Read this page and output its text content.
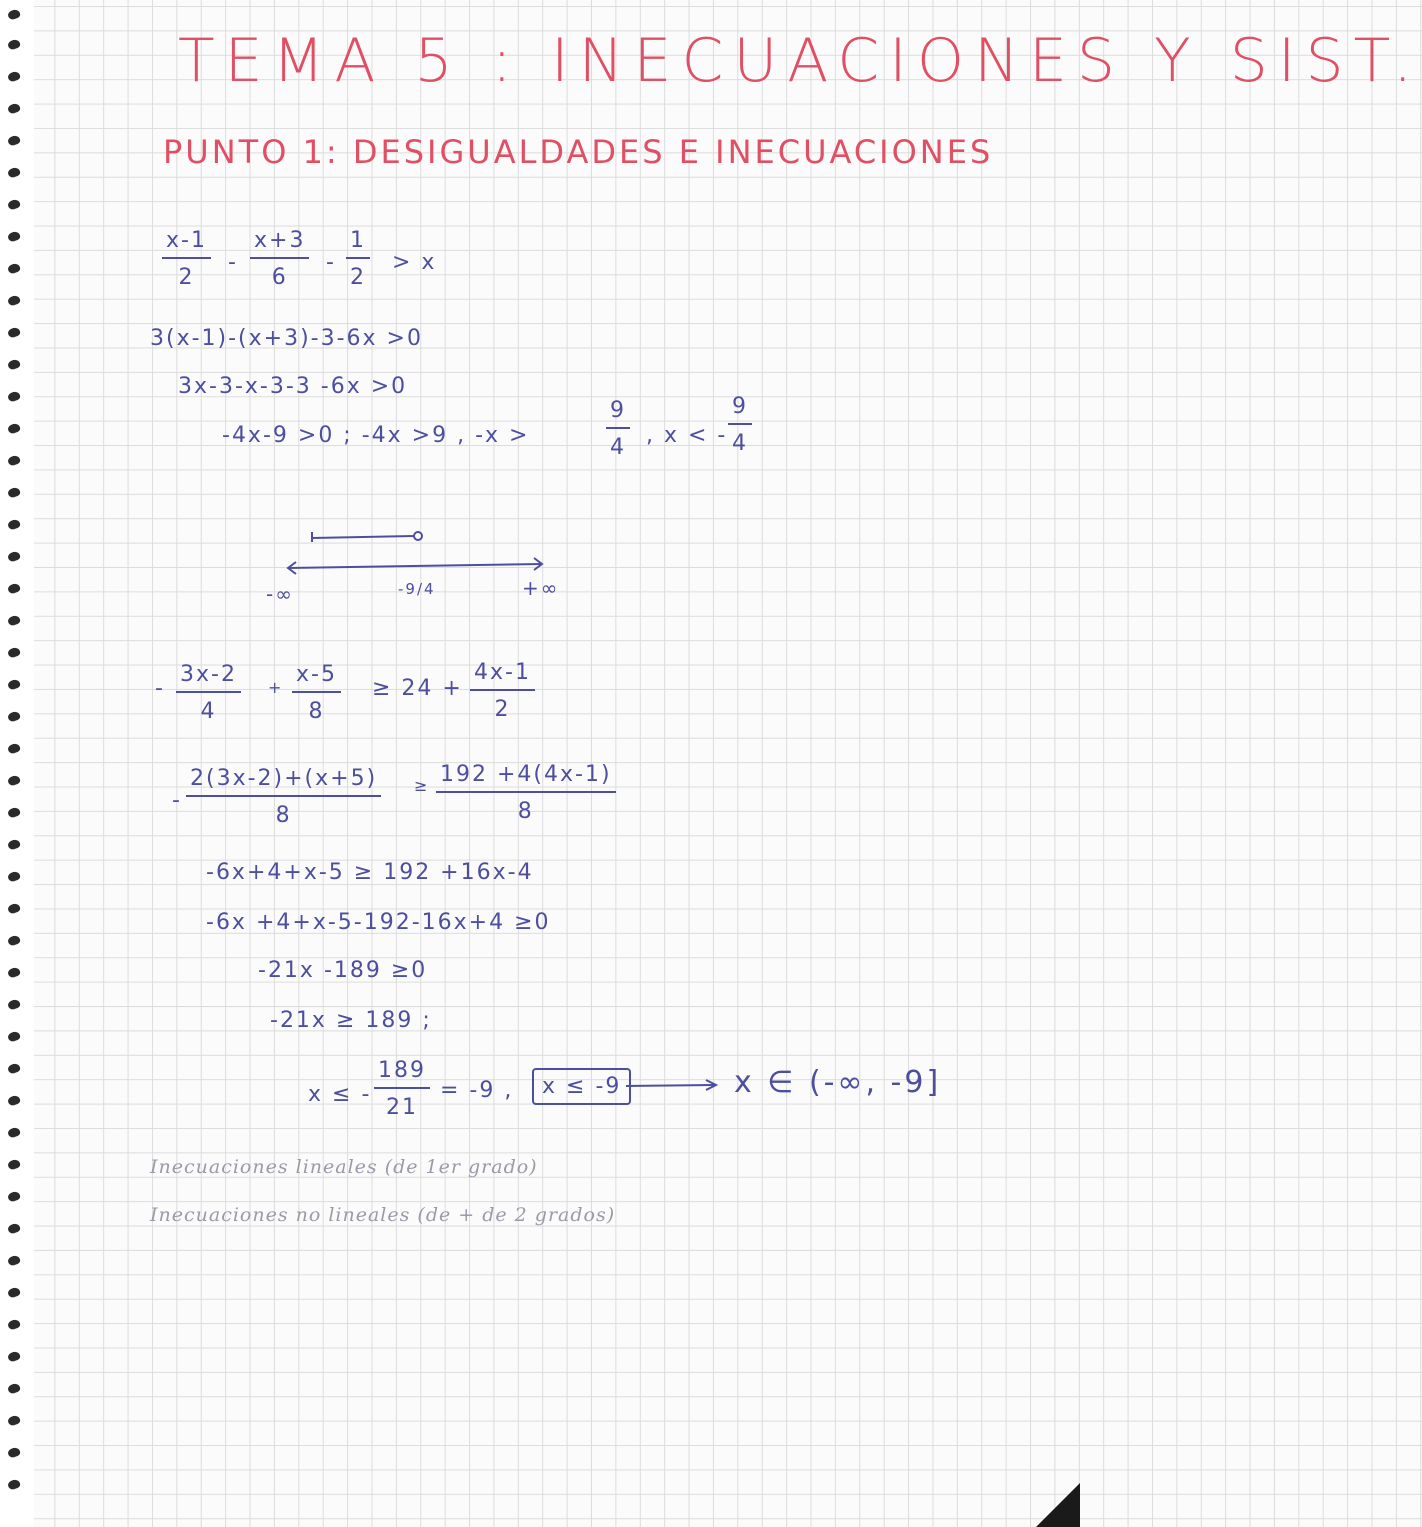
TEMA 5 : INECUACIONES Y SIST.
PUNTO 1: DESIGUALDADES E INECUACIONES
$\frac{x-1}{2} - \frac{x+3}{6} - \frac{1}{2} > x$
3(x-1)-(x+3)-3-6x >0
3x-3-x-3-3 -6x >0
-4x-9 >0 ; -4x >9 , -x >	$\frac{9}{4}$ , x < - $\frac{9}{4}$
-∞	-9/4	+∞
- $\frac{3x-2}{4} + \frac{x-5}{8} \ge 24 + \frac{4x-1}{2}$
- $\frac{2(3x-2)+(x+5)}{8} \ge \frac{192 +4(4x-1)}{8}$
-6x+4+x-5 ≥ 192 +16x-4
-6x +4+x-5-192-16x+4 ≥0
-21x -189 ≥0
-21x ≥ 189 ;
x ≤ - $\frac{189}{21} = -9$ ,	x ≤ -9	x ∈ (-∞, -9]
Inecuaciones lineales (de 1er grado)
Inecuaciones no lineales (de + de 2 grados)
